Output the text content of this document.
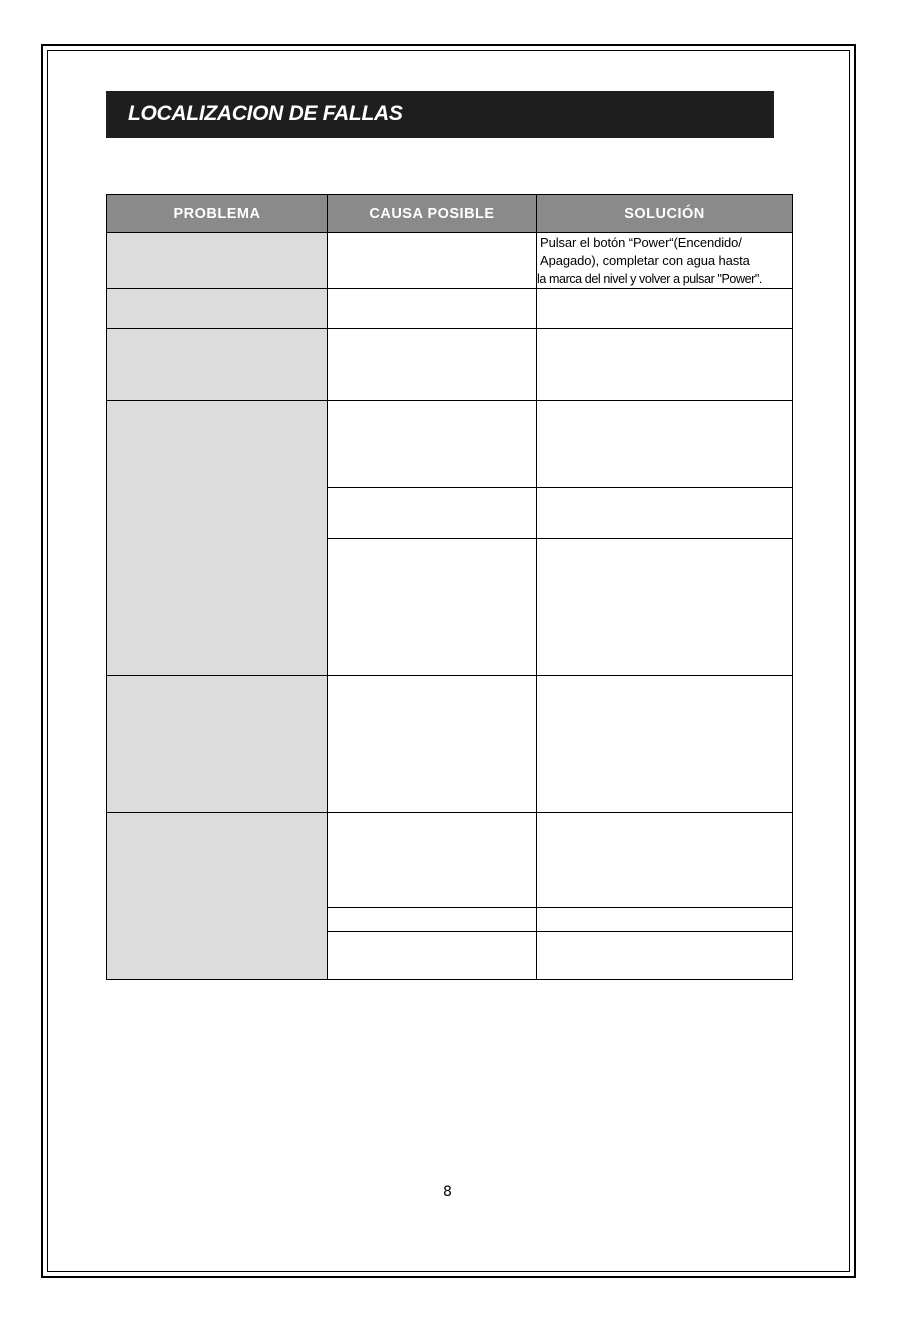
LOCALIZACION DE FALLAS
PROBLEMA	CAUSA POSIBLE	SOLUCIÓN

		Pulsar el botón “Power“(Encendido/
Apagado), completar con agua hasta
la marca del nivel y volver a pulsar "Power".

8
